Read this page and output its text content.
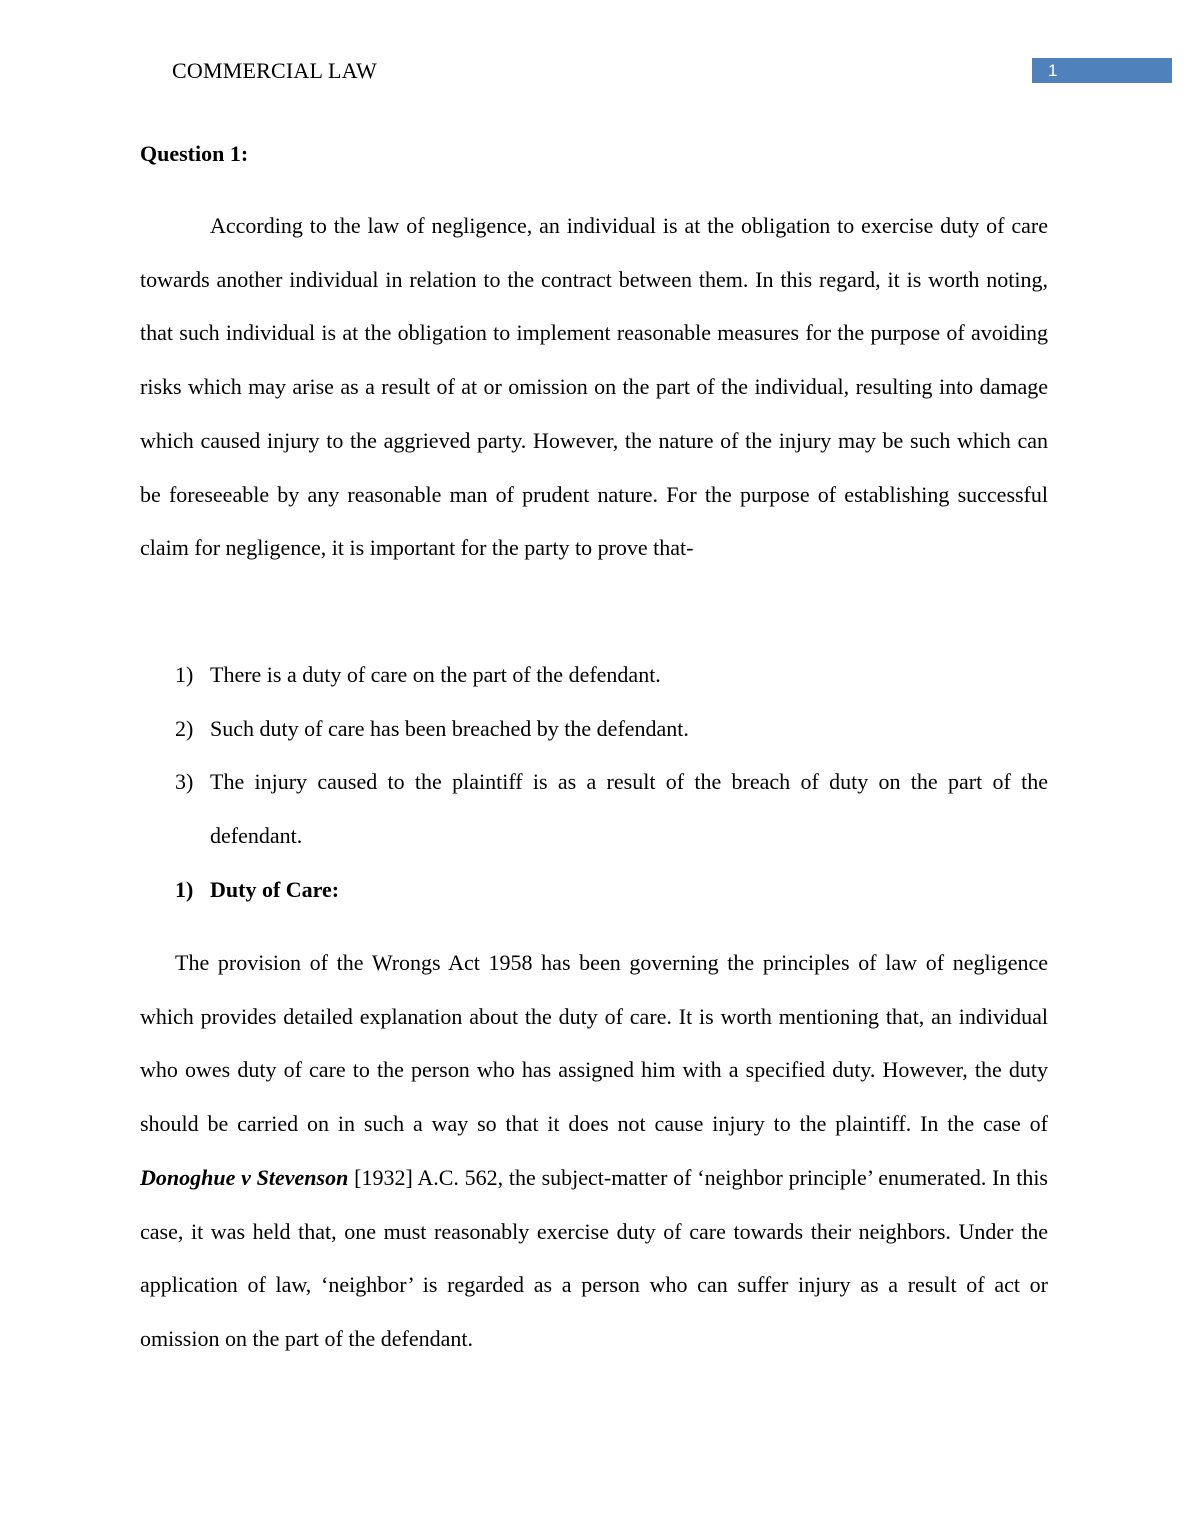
COMMERCIAL LAW	1
Question 1:

According to the law of negligence, an individual is at the obligation to exercise duty of care towards another individual in relation to the contract between them. In this regard, it is worth noting, that such individual is at the obligation to implement reasonable measures for the purpose of avoiding risks which may arise as a result of at or omission on the part of the individual, resulting into damage which caused injury to the aggrieved party. However, the nature of the injury may be such which can be foreseeable by any reasonable man of prudent nature. For the purpose of establishing successful claim for negligence, it is important for the party to prove that-

1) There is a duty of care on the part of the defendant.
2) Such duty of care has been breached by the defendant.
3) The injury caused to the plaintiff is as a result of the breach of duty on the part of the defendant.
1) Duty of Care:

The provision of the Wrongs Act 1958 has been governing the principles of law of negligence which provides detailed explanation about the duty of care. It is worth mentioning that, an individual who owes duty of care to the person who has assigned him with a specified duty. However, the duty should be carried on in such a way so that it does not cause injury to the plaintiff. In the case of Donoghue v Stevenson [1932] A.C. 562, the subject-matter of ‘neighbor principle’ enumerated. In this case, it was held that, one must reasonably exercise duty of care towards their neighbors. Under the application of law, ‘neighbor’ is regarded as a person who can suffer injury as a result of act or omission on the part of the defendant.
